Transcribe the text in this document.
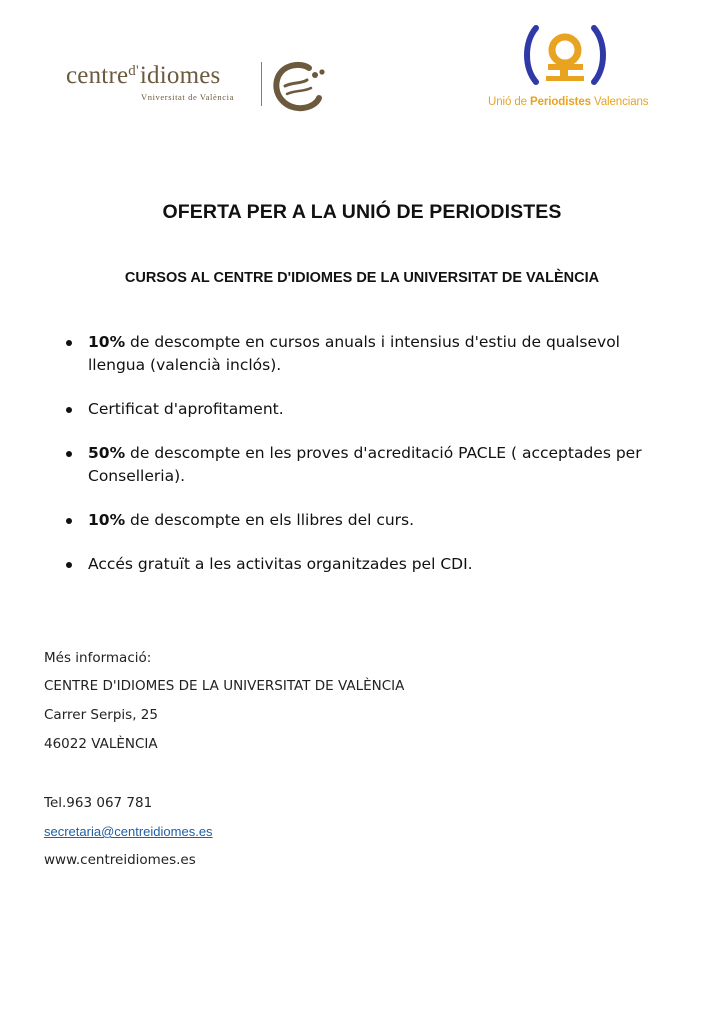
centre$^{d'}$idiomes
Vniversitat de València	Unió de Periodistes Valencians
OFERTA PER A LA UNIÓ DE PERIODISTES
CURSOS AL CENTRE D'IDIOMES DE LA UNIVERSITAT DE VALÈNCIA
10% de descompte en cursos anuals i intensius d'estiu de qualsevol llengua (valencià inclós).
Certificat d'aprofitament.
50% de descompte en les proves d'acreditació PACLE ( acceptades per Conselleria).
10% de descompte en els llibres del curs.
Accés gratuït a les activitas organitzades pel CDI.
Més informació:
CENTRE D'IDIOMES DE LA UNIVERSITAT DE VALÈNCIA
Carrer Serpis, 25
46022 VALÈNCIA
Tel.963 067 781
secretaria@centreidiomes.es
www.centreidiomes.es
